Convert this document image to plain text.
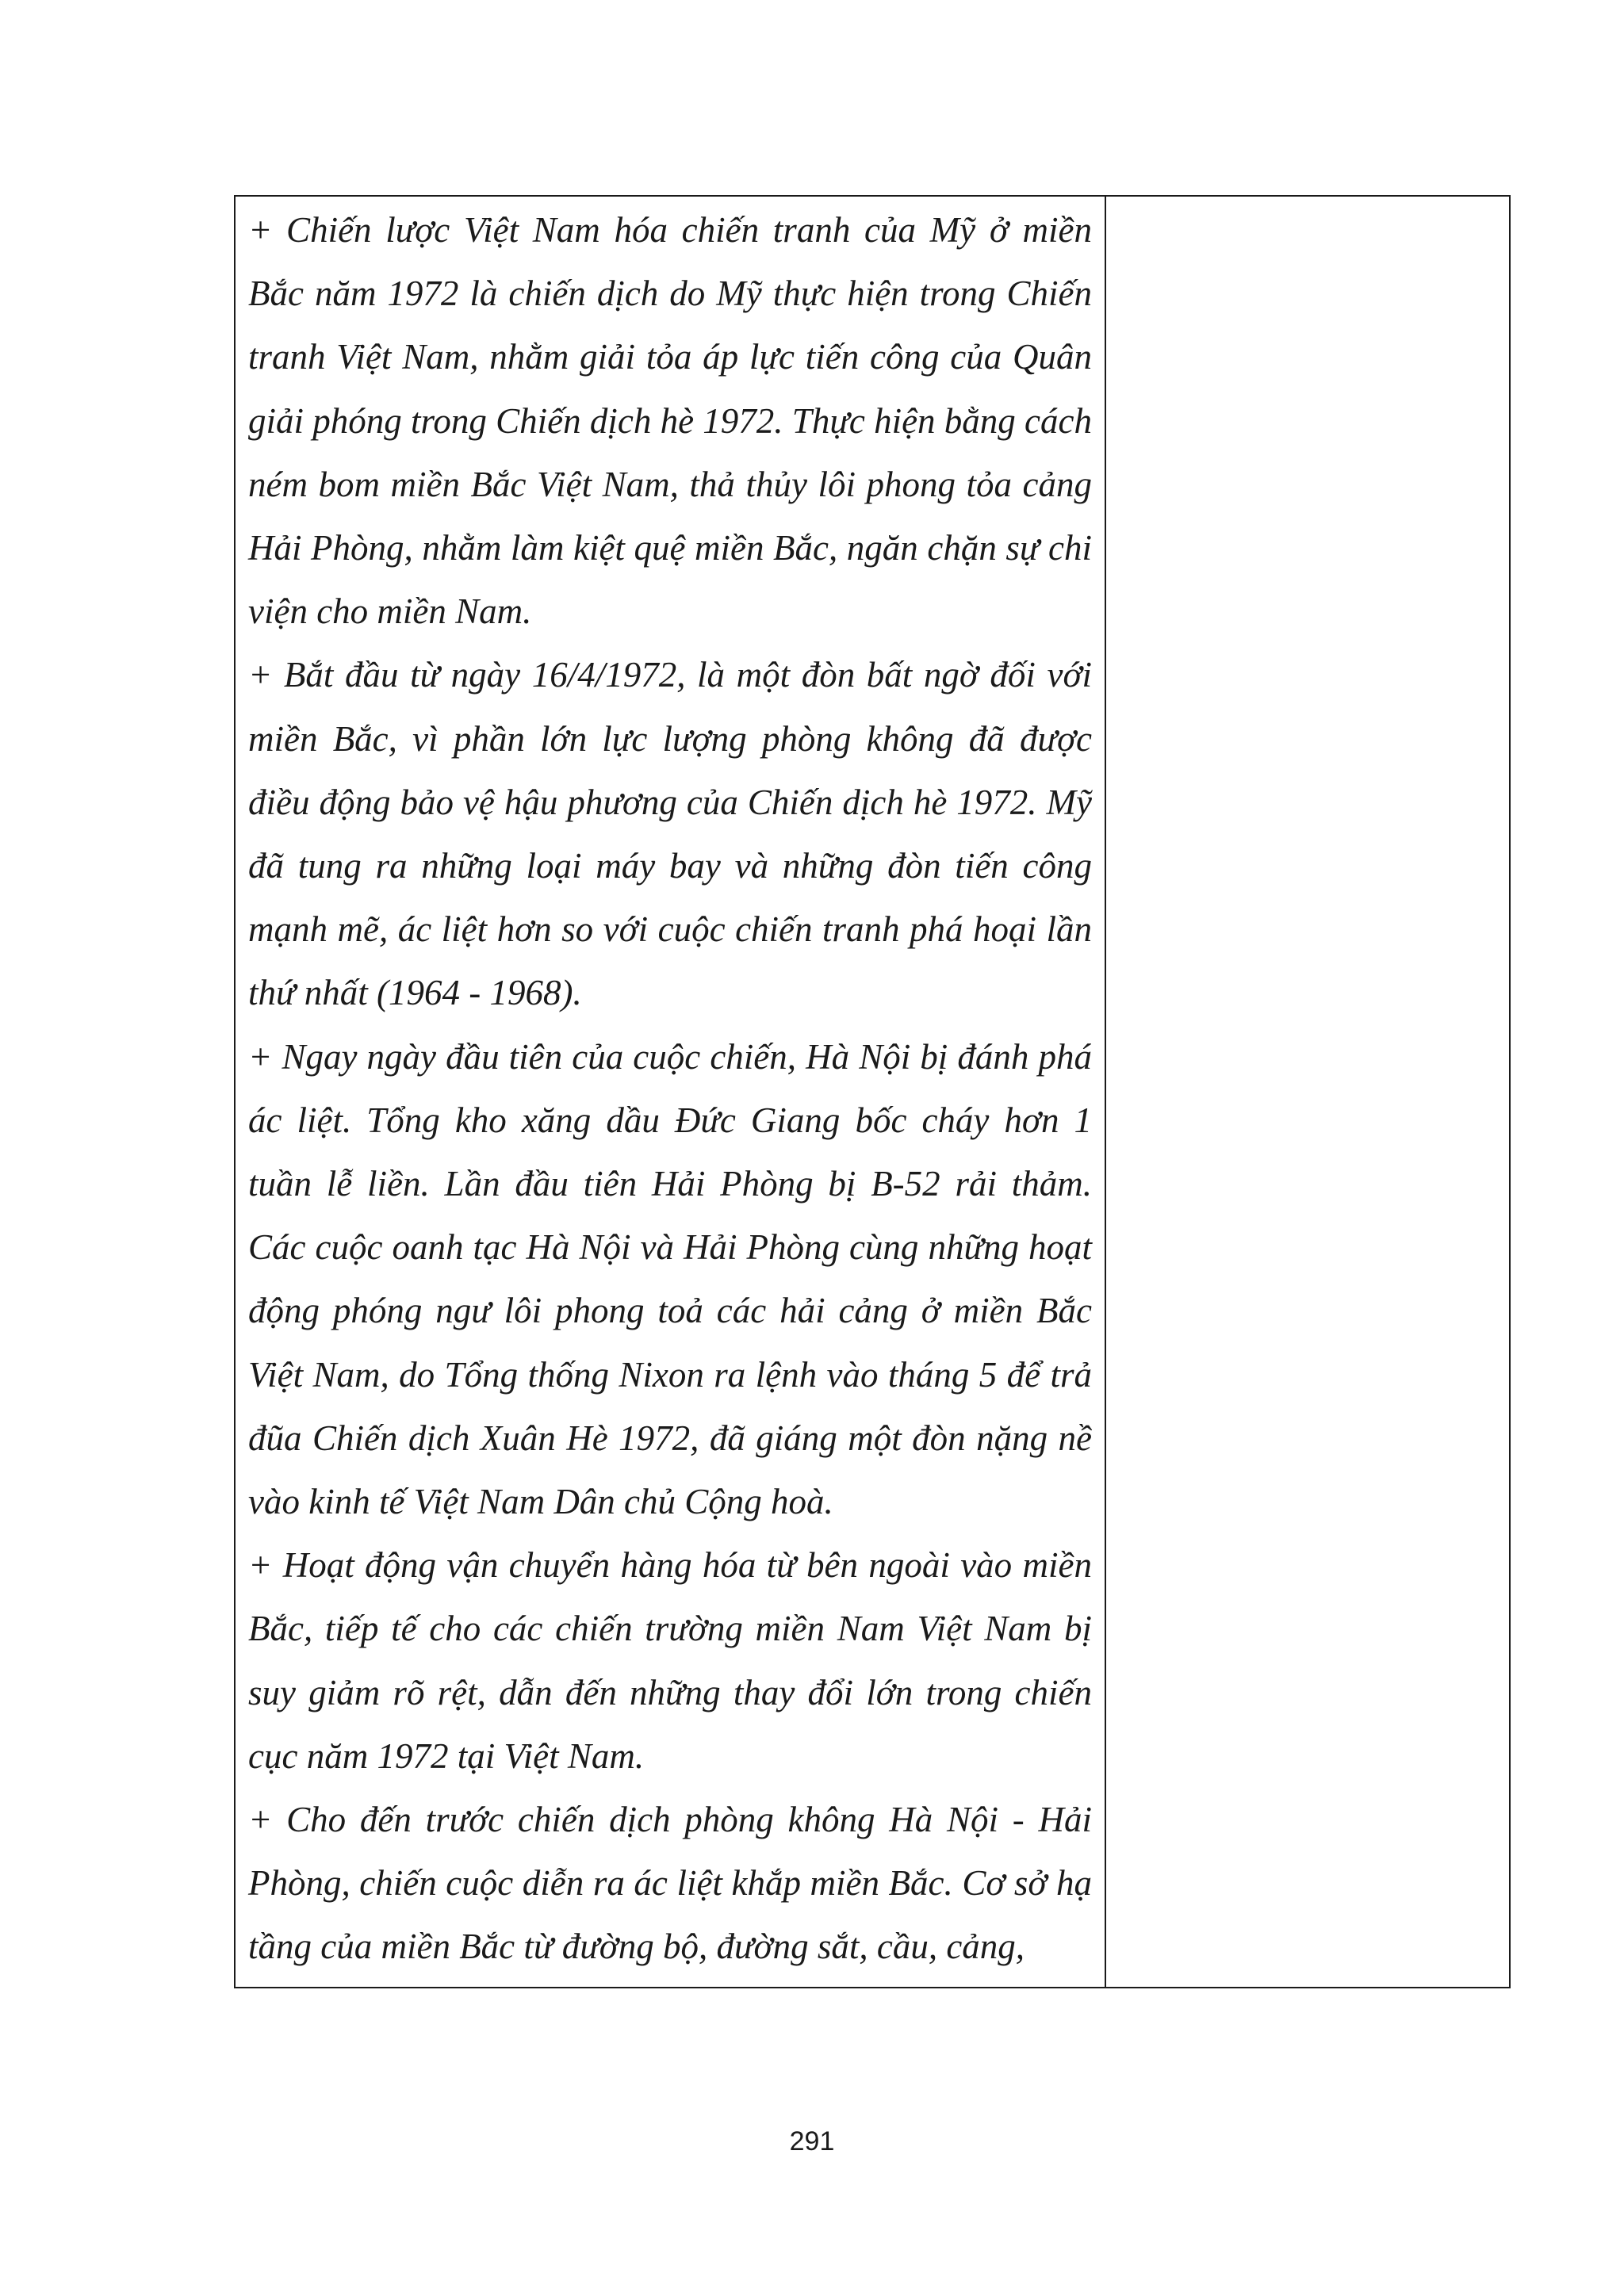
+ Chiến lược Việt Nam hóa chiến tranh của Mỹ ở miền Bắc năm 1972 là chiến dịch do Mỹ thực hiện trong Chiến tranh Việt Nam, nhằm giải tỏa áp lực tiến công của Quân giải phóng trong Chiến dịch hè 1972. Thực hiện bằng cách ném bom miền Bắc Việt Nam, thả thủy lôi phong tỏa cảng Hải Phòng, nhằm làm kiệt quệ miền Bắc, ngăn chặn sự chi viện cho miền Nam.

+ Bắt đầu từ ngày 16/4/1972, là một đòn bất ngờ đối với miền Bắc, vì phần lớn lực lượng phòng không đã được điều động bảo vệ hậu phương của Chiến dịch hè 1972. Mỹ đã tung ra những loại máy bay và những đòn tiến công mạnh mẽ, ác liệt hơn so với cuộc chiến tranh phá hoại lần thứ nhất (1964 - 1968).

+ Ngay ngày đầu tiên của cuộc chiến, Hà Nội bị đánh phá ác liệt. Tổng kho xăng dầu Đức Giang bốc cháy hơn 1 tuần lễ liền. Lần đầu tiên Hải Phòng bị B-52 rải thảm. Các cuộc oanh tạc Hà Nội và Hải Phòng cùng những hoạt động phóng ngư lôi phong toả các hải cảng ở miền Bắc Việt Nam, do Tổng thống Nixon ra lệnh vào tháng 5 để trả đũa Chiến dịch Xuân Hè 1972, đã giáng một đòn nặng nề vào kinh tế Việt Nam Dân chủ Cộng hoà.

+ Hoạt động vận chuyển hàng hóa từ bên ngoài vào miền Bắc, tiếp tế cho các chiến trường miền Nam Việt Nam bị suy giảm rõ rệt, dẫn đến những thay đổi lớn trong chiến cục năm 1972 tại Việt Nam.

+ Cho đến trước chiến dịch phòng không Hà Nội - Hải Phòng, chiến cuộc diễn ra ác liệt khắp miền Bắc. Cơ sở hạ tầng của miền Bắc từ đường bộ, đường sắt, cầu, cảng,

291
